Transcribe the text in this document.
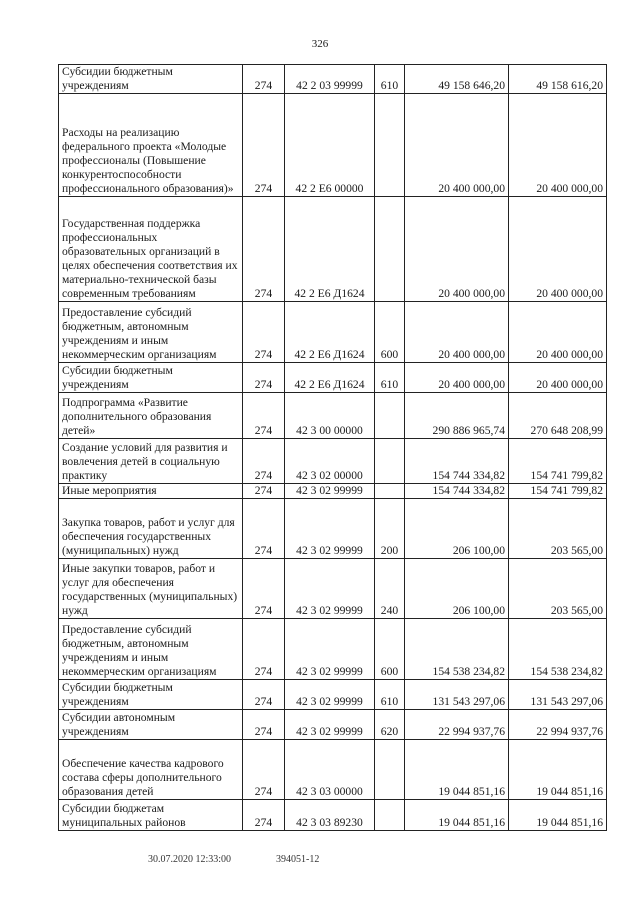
326
Субсидии бюджетным учреждениям	274	42 2 03 99999	610	49 158 646,20	49 158 616,20
Расходы на реализацию федерального проекта «Молодые профессионалы (Повышение конкурентоспособности профессионального образования)»	274	42 2 Е6 00000		20 400 000,00	20 400 000,00
Государственная поддержка профессиональных образовательных организаций в целях обеспечения соответствия их материально-технической базы современным требованиям	274	42 2 Е6 Д1624		20 400 000,00	20 400 000,00
Предоставление субсидий бюджетным, автономным учреждениям и иным некоммерческим организациям	274	42 2 Е6 Д1624	600	20 400 000,00	20 400 000,00
Субсидии бюджетным учреждениям	274	42 2 Е6 Д1624	610	20 400 000,00	20 400 000,00
Подпрограмма «Развитие дополнительного образования детей»	274	42 3 00 00000		290 886 965,74	270 648 208,99
Создание условий для развития и вовлечения детей в социальную практику	274	42 3 02 00000		154 744 334,82	154 741 799,82
Иные мероприятия	274	42 3 02 99999		154 744 334,82	154 741 799,82
Закупка товаров, работ и услуг для обеспечения государственных (муниципальных) нужд	274	42 3 02 99999	200	206 100,00	203 565,00
Иные закупки товаров, работ и услуг для обеспечения государственных (муниципальных) нужд	274	42 3 02 99999	240	206 100,00	203 565,00
Предоставление субсидий бюджетным, автономным учреждениям и иным некоммерческим организациям	274	42 3 02 99999	600	154 538 234,82	154 538 234,82
Субсидии бюджетным учреждениям	274	42 3 02 99999	610	131 543 297,06	131 543 297,06
Субсидии автономным учреждениям	274	42 3 02 99999	620	22 994 937,76	22 994 937,76
Обеспечение качества кадрового состава сферы дополнительного образования детей	274	42 3 03 00000		19 044 851,16	19 044 851,16
Субсидии бюджетам муниципальных районов	274	42 3 03 89230		19 044 851,16	19 044 851,16
30.07.2020 12:33:00	394051-12
